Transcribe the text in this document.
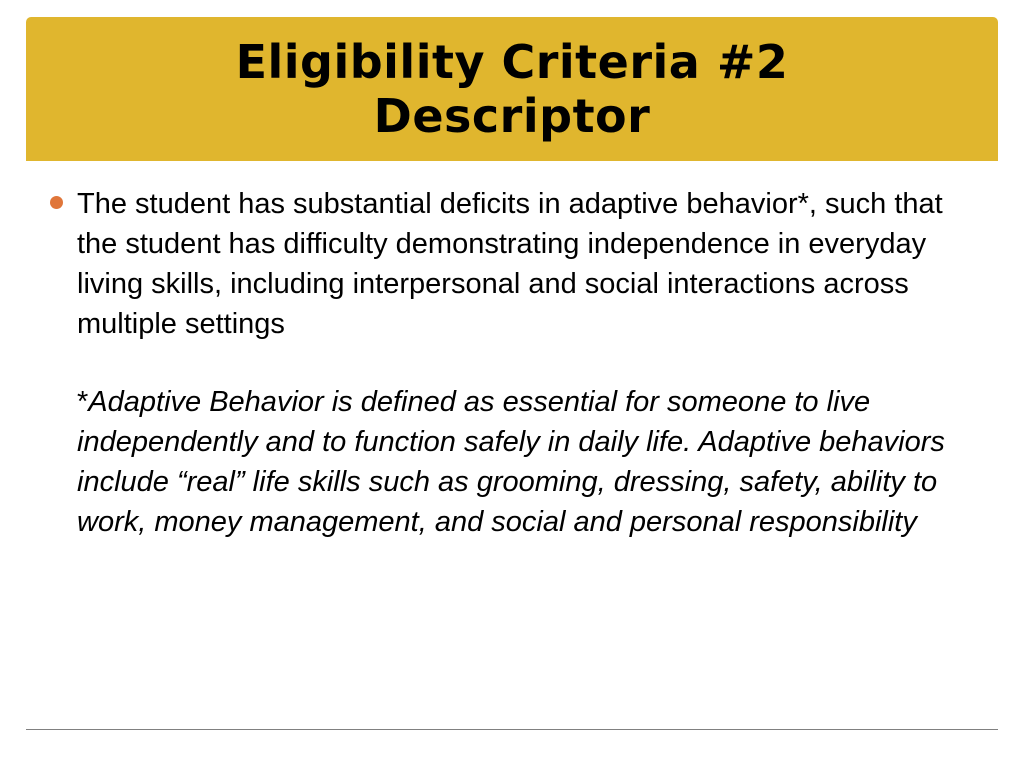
Eligibility Criteria #2
Descriptor

The student has substantial deficits in adaptive behavior*, such that the student has difficulty demonstrating independence in everyday living skills, including interpersonal and social interactions across multiple settings

*Adaptive Behavior is defined as essential for someone to live independently and to function safely in daily life. Adaptive behaviors include “real” life skills such as grooming, dressing, safety, ability to work, money management, and social and personal responsibility
